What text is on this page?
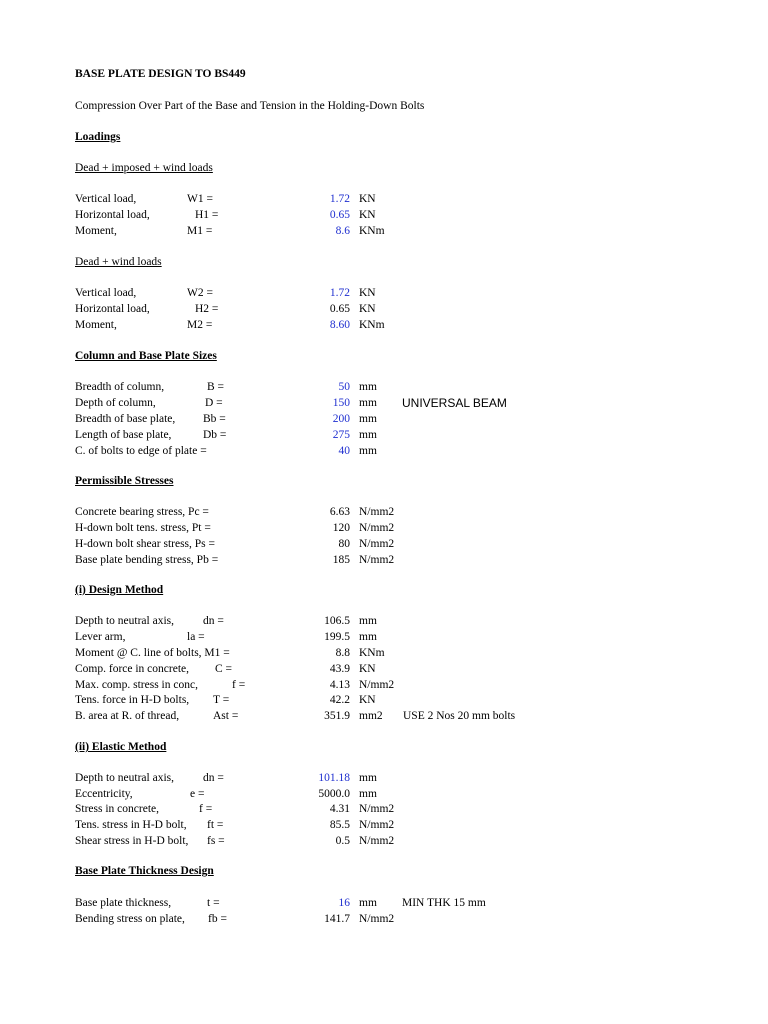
BASE PLATE DESIGN TO BS449
Compression Over Part of the Base and Tension in the Holding-Down Bolts
Loadings
Dead + imposed + wind loads
Vertical load,	W1 =	1.72 KN
Horizontal load,	H1 =	0.65 KN
Moment,	M1 =	8.6 KNm
Dead + wind loads
Vertical load,	W2 =	1.72 KN
Horizontal load,	H2 =	0.65 KN
Moment,	M2 =	8.60 KNm
Column and Base Plate Sizes
Breadth of column,	B =	50 mm
Depth of column,	D =	150 mm UNIVERSAL BEAM
Breadth of base plate, Bb =	200 mm
Length of base plate,	Db =	275 mm
C. of bolts to edge of plate =	40 mm
Permissible Stresses
Concrete bearing stress, Pc =	6.63 N/mm2
H-down bolt tens. stress, Pt =	120 N/mm2
H-down bolt shear stress, Ps =	80 N/mm2
Base plate bending stress, Pb =	185 N/mm2
(i) Design Method
Depth to neutral axis,	dn =	106.5 mm
Lever arm,	la =	199.5 mm
Moment @ C. line of bolts, M1 =	8.8 KNm
Comp. force in concrete, C =	43.9 KN
Max. comp. stress in conc,	f =	4.13 N/mm2
Tens. force in H-D bolts, T =	42.2 KN
B. area at R. of thread,	Ast =	351.9 mm2 USE 2 Nos 20 mm bolts
(ii) Elastic Method
Depth to neutral axis,	dn =	101.18 mm
Eccentricity,	e =	5000.0 mm
Stress in concrete,	f =	4.31 N/mm2
Tens. stress in H-D bolt, ft =	85.5 N/mm2
Shear stress in H-D bolt, fs =	0.5 N/mm2
Base Plate Thickness Design
Base plate thickness,	t =	16 mm MIN THK 15 mm
Bending stress on plate, fb =	141.7 N/mm2
